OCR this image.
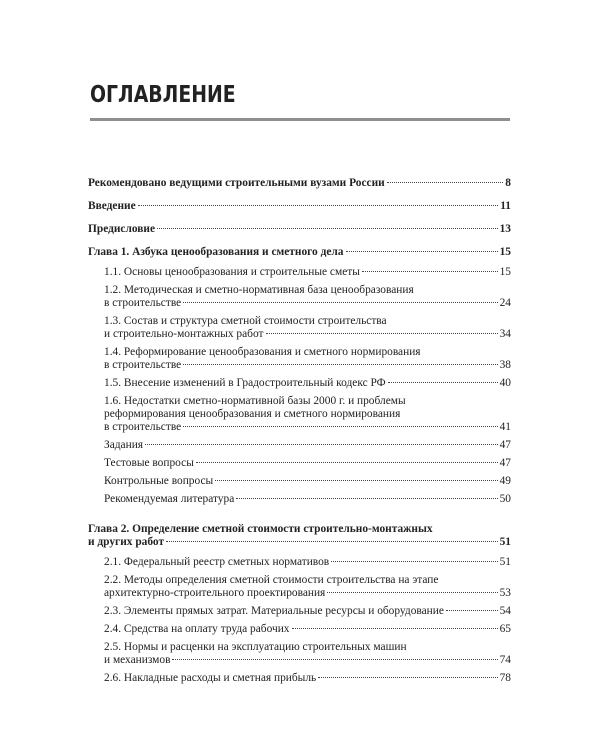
ОГЛАВЛЕНИЕ
Рекомендовано ведущими строительными вузами России	8
Введение	11
Предисловие	13
Глава 1. Азбука ценообразования и сметного дела	15
1.1. Основы ценообразования и строительные сметы	15
1.2. Методическая и сметно-нормативная база ценообразования
в строительстве	24
1.3. Состав и структура сметной стоимости строительства
и строительно-монтажных работ	34
1.4. Реформирование ценообразования и сметного нормирования
в строительстве	38
1.5. Внесение изменений в Градостроительный кодекс РФ	40
1.6. Недостатки сметно-нормативной базы 2000 г. и проблемы
реформирования ценообразования и сметного нормирования
в строительстве	41
Задания	47
Тестовые вопросы	47
Контрольные вопросы	49
Рекомендуемая литература	50
Глава 2. Определение сметной стоимости строительно-монтажных
и других работ	51
2.1. Федеральный реестр сметных нормативов	51
2.2. Методы определения сметной стоимости строительства на этапе
архитектурно-строительного проектирования	53
2.3. Элементы прямых затрат. Материальные ресурсы и оборудование	54
2.4. Средства на оплату труда рабочих	65
2.5. Нормы и расценки на эксплуатацию строительных машин
и механизмов	74
2.6. Накладные расходы и сметная прибыль	78
